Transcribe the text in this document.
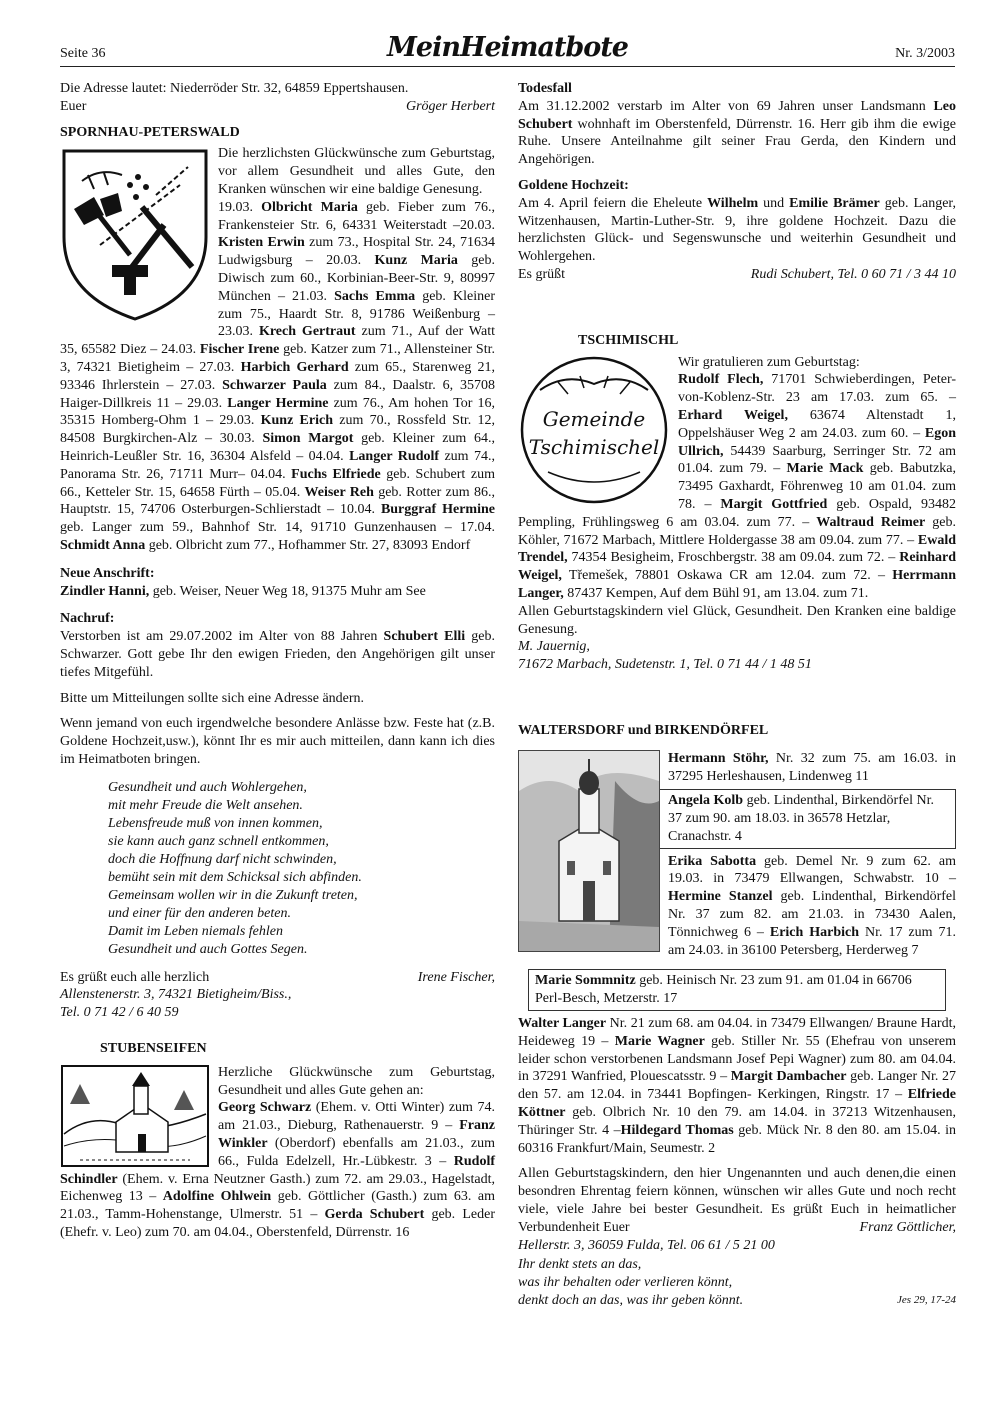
Seite 36	MeinHeimatbote	Nr. 3/2003

Die Adresse lautet: Niederröder Str. 32, 64859 Eppertshausen.

Euer	Gröger Herbert

SPORNHAU-PETERSWALD

Die herzlichsten Glückwünsche zum Geburtstag, vor allem Gesundheit und alles Gute, den Kranken wünschen wir eine baldige Genesung.

19.03. Olbricht Maria geb. Fieber zum 76., Frankensteier Str. 6, 64331 Weiterstadt –20.03. Kristen Erwin zum 73., Hospital Str. 24, 71634 Ludwigsburg – 20.03. Kunz Maria geb. Diwisch zum 60., Korbinian-Beer-Str. 9, 80997 München – 21.03. Sachs Emma geb. Kleiner zum 75., Haardt Str. 8, 91786 Weißenburg – 23.03. Krech Gertraut zum 71., Auf der Watt 35, 65582 Diez – 24.03. Fischer Irene geb. Katzer zum 71., Allensteiner Str. 3, 74321 Bietigheim – 27.03. Harbich Gerhard zum 65., Starenweg 21, 93346 Ihrlerstein – 27.03. Schwarzer Paula zum 84., Daalstr. 6, 35708 Haiger-Dillkreis 11 – 29.03. Langer Hermine zum 76., Am hohen Tor 16, 35315 Homberg-Ohm 1 – 29.03. Kunz Erich zum 70., Rossfeld Str. 12, 84508 Burgkirchen-Alz – 30.03. Simon Margot geb. Kleiner zum 64., Heinrich-Leußler Str. 16, 36304 Alsfeld – 04.04. Langer Rudolf zum 74., Panorama Str. 26, 71711 Murr– 04.04. Fuchs Elfriede geb. Schubert zum 66., Ketteler Str. 15, 64658 Fürth – 05.04. Weiser Reh geb. Rotter zum 86., Hauptstr. 15, 74706 Osterburgen-Schlierstadt – 10.04. Burggraf Hermine geb. Langer zum 59., Bahnhof Str. 14, 91710 Gunzenhausen – 17.04. Schmidt Anna geb. Olbricht zum 77., Hofhammer Str. 27, 83093 Endorf

Neue Anschrift:

Zindler Hanni, geb. Weiser, Neuer Weg 18, 91375 Muhr am See

Nachruf:

Verstorben ist am 29.07.2002 im Alter von 88 Jahren Schubert Elli geb. Schwarzer. Gott gebe Ihr den ewigen Frieden, den Angehörigen gilt unser tiefes Mitgefühl.

Bitte um Mitteilungen sollte sich eine Adresse ändern.

Wenn jemand von euch irgendwelche besondere Anlässe bzw. Feste hat (z.B. Goldene Hochzeit,usw.), könnt Ihr es mir auch mitteilen, dann kann ich dies im Heimatboten bringen.

Gesundheit und auch Wohlergehen,
mit mehr Freude die Welt ansehen.
Lebensfreude muß von innen kommen,
sie kann auch ganz schnell entkommen,
doch die Hoffnung darf nicht schwinden,
bemüht sein mit dem Schicksal sich abfinden.
Gemeinsam wollen wir in die Zukunft treten,
und einer für den anderen beten.
Damit im Leben niemals fehlen
Gesundheit und auch Gottes Segen.
Es grüßt euch alle herzlich	Irene Fischer,

Allenstenerstr. 3, 74321 Bietigheim/Biss.,

Tel. 0 71 42 / 6 40 59

STUBENSEIFEN

Herzliche Glückwünsche zum Geburtstag, Gesundheit und alles Gute gehen an:

Georg Schwarz (Ehem. v. Otti Winter) zum 74. am 21.03., Dieburg, Rathenauerstr. 9 – Franz Winkler (Oberdorf) ebenfalls am 21.03., zum 66., Fulda Edelzell, Hr.-Lübkestr. 3 – Rudolf Schindler (Ehem. v. Erna Neutzner Gasth.) zum 72. am 29.03., Hagelstadt, Eichenweg 13 – Adolfine Ohlwein geb. Göttlicher (Gasth.) zum 63. am 21.03., Tamm-Hohenstange, Ulmerstr. 51 – Gerda Schubert geb. Leder (Ehefr. v. Leo) zum 70. am 04.04., Oberstenfeld, Dürrenstr. 16

Todesfall

Am 31.12.2002 verstarb im Alter von 69 Jahren unser Landsmann Leo Schubert wohnhaft im Oberstenfeld, Dürrenstr. 16. Herr gib ihm die ewige Ruhe. Unsere Anteilnahme gilt seiner Frau Gerda, den Kindern und Angehörigen.

Goldene Hochzeit:

Am 4. April feiern die Eheleute Wilhelm und Emilie Brämer geb. Langer, Witzenhausen, Martin-Luther-Str. 9, ihre goldene Hochzeit. Dazu die herzlichsten Glück- und Segenswunsche und weiterhin Gesundheit und Wohlergehen.

Es grüßt	Rudi Schubert, Tel. 0 60 71 / 3 44 10

TSCHIMISCHL

Gemeinde
Tschimischel

Wir gratulieren zum Geburtstag:

Rudolf Flech, 71701 Schwieberdingen, Peter-von-Koblenz-Str. 23 am 17.03. zum 65. – Erhard Weigel, 63674 Altenstadt 1, Oppelshäuser Weg 2 am 24.03. zum 60. – Egon Ullrich, 54439 Saarburg, Serringer Str. 72 am 01.04. zum 79. – Marie Mack geb. Babutzka, 73495 Gaxhardt, Föhrenweg 10 am 01.04. zum 78. – Margit Gottfried geb. Ospald, 93482 Pempling, Frühlingsweg 6 am 03.04. zum 77. – Waltraud Reimer geb. Köhler, 71672 Marbach, Mittlere Holdergasse 38 am 09.04. zum 77. – Ewald Trendel, 74354 Besigheim, Froschbergstr. 38 am 09.04. zum 72. – Reinhard Weigel, Třemešek, 78801 Oskawa CR am 12.04. zum 72. – Herrmann Langer, 87437 Kempen, Auf dem Bühl 91, am 13.04. zum 71.

Allen Geburtstagskindern viel Glück, Gesundheit. Den Kranken eine baldige Genesung.

M. Jauernig,

71672 Marbach, Sudetenstr. 1, Tel. 0 71 44 / 1 48 51

WALTERSDORF und BIRKENDÖRFEL

Hermann Stöhr, Nr. 32 zum 75. am 16.03. in 37295 Herleshausen, Lindenweg 11

Angela Kolb geb. Lindenthal, Birkendörfel Nr. 37 zum 90. am 18.03. in 36578 Hetzlar, Cranachstr. 4

Erika Sabotta geb. Demel Nr. 9 zum 62. am 19.03. in 73479 Ellwangen, Schwabstr. 10 – Hermine Stanzel geb. Lindenthal, Birkendörfel Nr. 37 zum 82. am 21.03. in 73430 Aalen, Tönnichweg 6 – Erich Harbich Nr. 17 zum 71. am 24.03. in 36100 Petersberg, Herderweg 7

Marie Sommnitz geb. Heinisch Nr. 23 zum 91. am 01.04 in 66706 Perl-Besch, Metzerstr. 17

Walter Langer Nr. 21 zum 68. am 04.04. in 73479 Ellwangen/ Braune Hardt, Heideweg 19 – Marie Wagner geb. Stiller Nr. 55 (Ehefrau von unserem leider schon verstorbenen Landsmann Josef Pepi Wagner) zum 80. am 04.04. in 37291 Wanfried, Plouescatsstr. 9 – Margit Dambacher geb. Langer Nr. 27 den 57. am 12.04. in 73441 Bopfingen- Kerkingen, Ringstr. 17 – Elfriede Köttner geb. Olbrich Nr. 10 den 79. am 14.04. in 37213 Witzenhausen, Thüringer Str. 4 –Hildegard Thomas geb. Mück Nr. 8 den 80. am 15.04. in 60316 Frankfurt/Main, Seumestr. 2

Allen Geburtstagskindern, den hier Ungenannten und auch denen,die einen besondren Ehrentag feiern können, wünschen wir alles Gute und noch recht viele, viele Jahre bei bester Gesundheit. Es grüßt Euch in heimatlicher Verbundenheit Euer	Franz Göttlicher,

Hellerstr. 3, 36059 Fulda, Tel. 06 61 / 5 21 00

Ihr denkt stets an das,
was ihr behalten oder verlieren könnt,
denkt doch an das, was ihr geben könnt.	Jes 29, 17-24
